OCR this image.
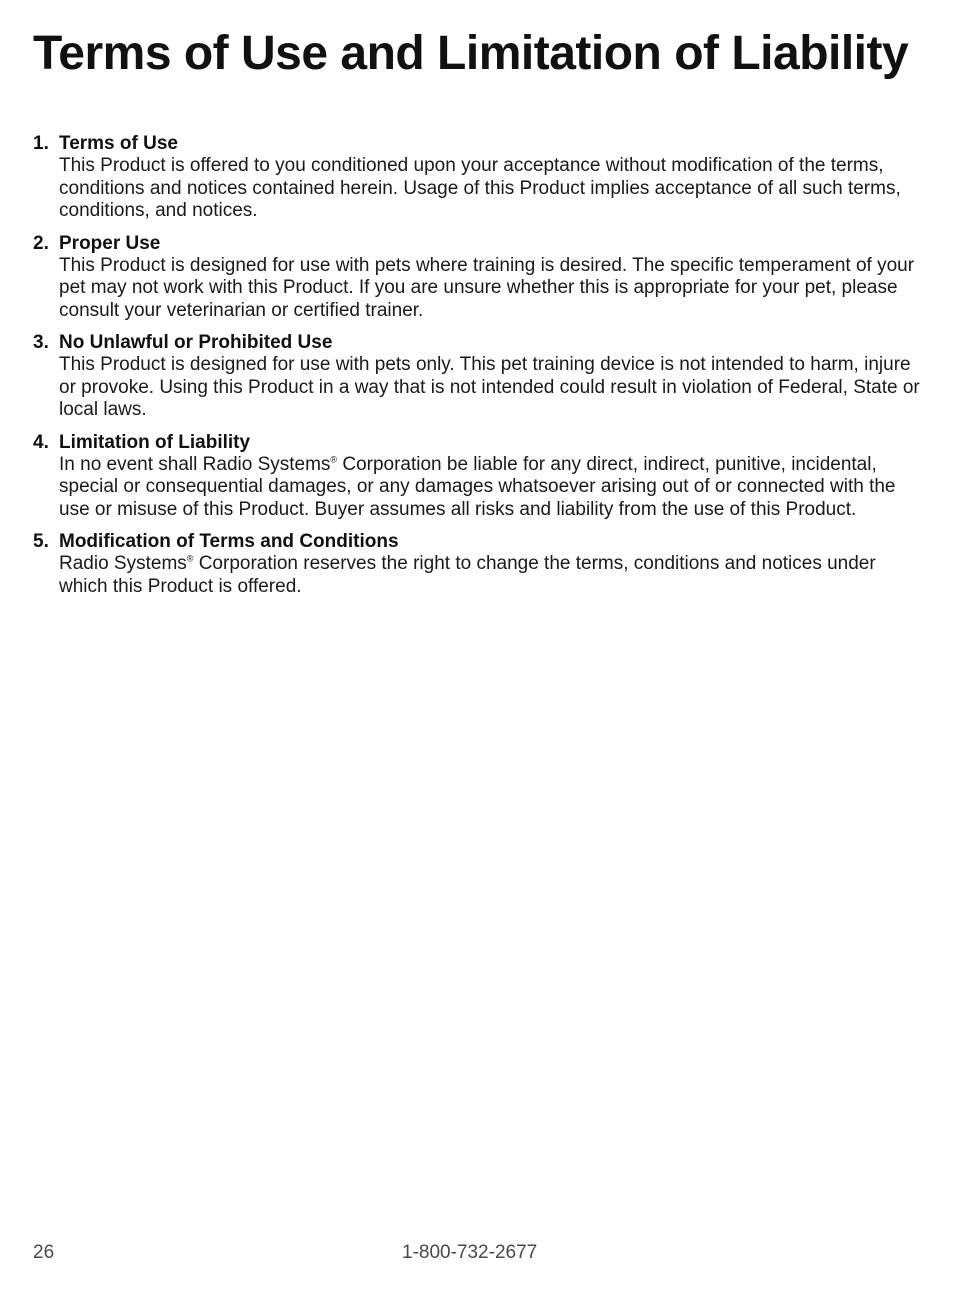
Terms of Use and Limitation of Liability
1. Terms of Use
This Product is offered to you conditioned upon your acceptance without modification of the terms, conditions and notices contained herein. Usage of this Product implies acceptance of all such terms, conditions, and notices.
2. Proper Use
This Product is designed for use with pets where training is desired. The specific temperament of your pet may not work with this Product. If you are unsure whether this is appropriate for your pet, please consult your veterinarian or certified trainer.
3. No Unlawful or Prohibited Use
This Product is designed for use with pets only. This pet training device is not intended to harm, injure or provoke. Using this Product in a way that is not intended could result in violation of Federal, State or local laws.
4. Limitation of Liability
In no event shall Radio Systems® Corporation be liable for any direct, indirect, punitive, incidental, special or consequential damages, or any damages whatsoever arising out of or connected with the use or misuse of this Product. Buyer assumes all risks and liability from the use of this Product.
5. Modification of Terms and Conditions
Radio Systems® Corporation reserves the right to change the terms, conditions and notices under which this Product is offered.
26	1-800-732-2677
